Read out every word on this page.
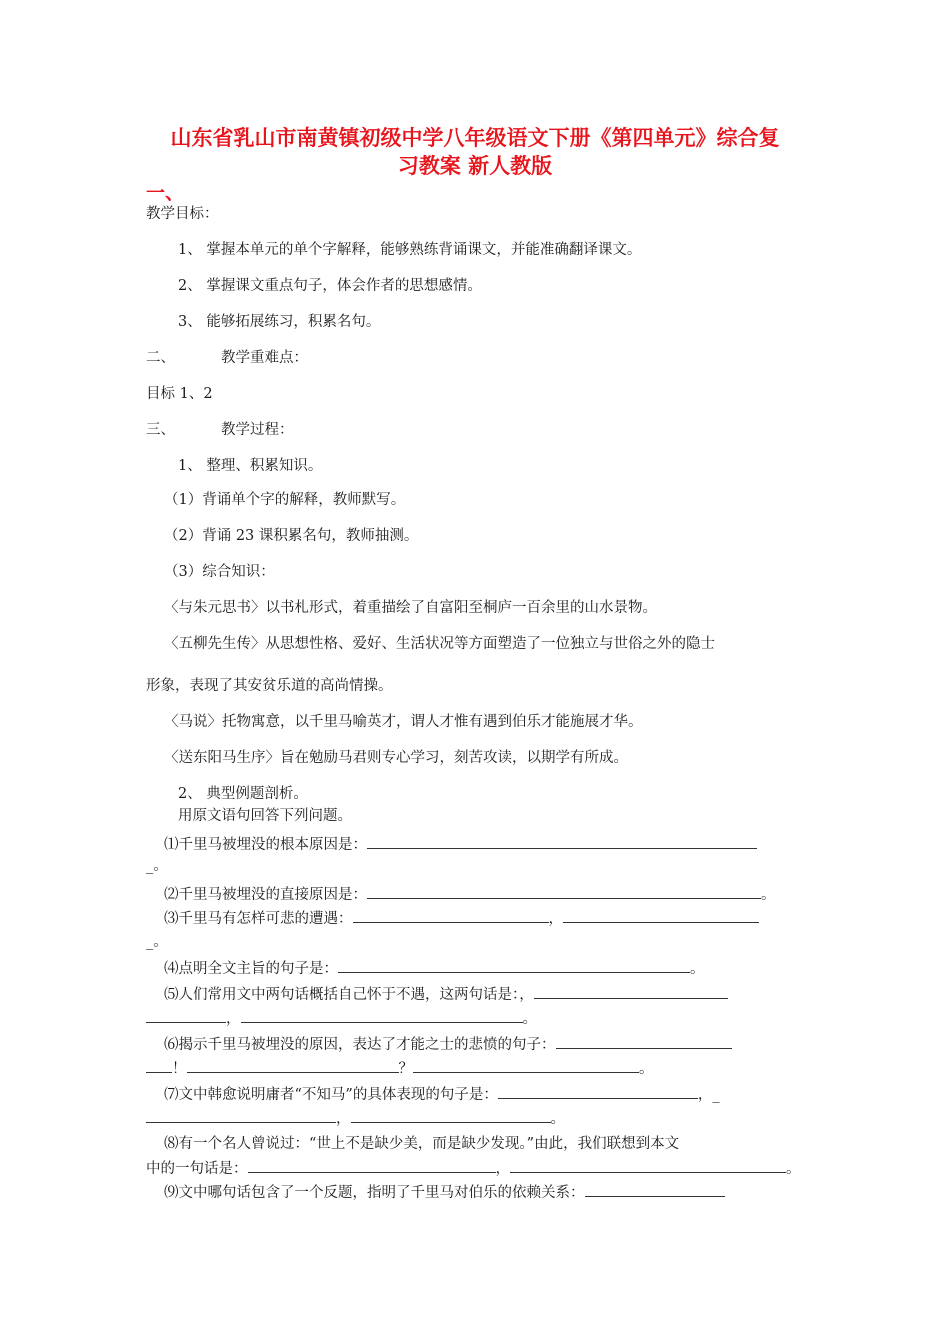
山东省乳山市南黄镇初级中学八年级语文下册《第四单元》综合复
习教案 新人教版
一、
教学目标：
1、 掌握本单元的单个字解释，能够熟练背诵课文，并能准确翻译课文。
2、 掌握课文重点句子，体会作者的思想感情。
3、 能够拓展练习，积累名句。
二、	教学重难点：
目标 1、2
三、	教学过程：
1、 整理、积累知识。
（1）背诵单个字的解释，教师默写。
（2）背诵 23 课积累名句，教师抽测。
（3）综合知识：
〈与朱元思书〉以书札形式，着重描绘了自富阳至桐庐一百余里的山水景物。
〈五柳先生传〉从思想性格、爱好、生活状况等方面塑造了一位独立与世俗之外的隐士
形象，表现了其安贫乐道的高尚情操。
〈马说〉托物寓意，以千里马喻英才，谓人才惟有遇到伯乐才能施展才华。
〈送东阳马生序〉旨在勉励马君则专心学习，刻苦攻读，以期学有所成。
2、 典型例题剖析。
用原文语句回答下列问题。
⑴千里马被埋没的根本原因是：
_。
⑵千里马被埋没的直接原因是：	。
⑶千里马有怎样可悲的遭遇：	，
_。
⑷点明全文主旨的句子是：	。
⑸人们常用文中两句话概括自己怀于不遇，这两句话是：，
，	。
⑹揭示千里马被埋没的原因，表达了才能之士的悲愤的句子：
！	？	。
⑺文中韩愈说明庸者“不知马”的具体表现的句子是：	，_
，	。
⑻有一个名人曾说过：“世上不是缺少美，而是缺少发现。”由此，我们联想到本文
中的一句话是：	，	。
⑼文中哪句话包含了一个反题，指明了千里马对伯乐的依赖关系：
